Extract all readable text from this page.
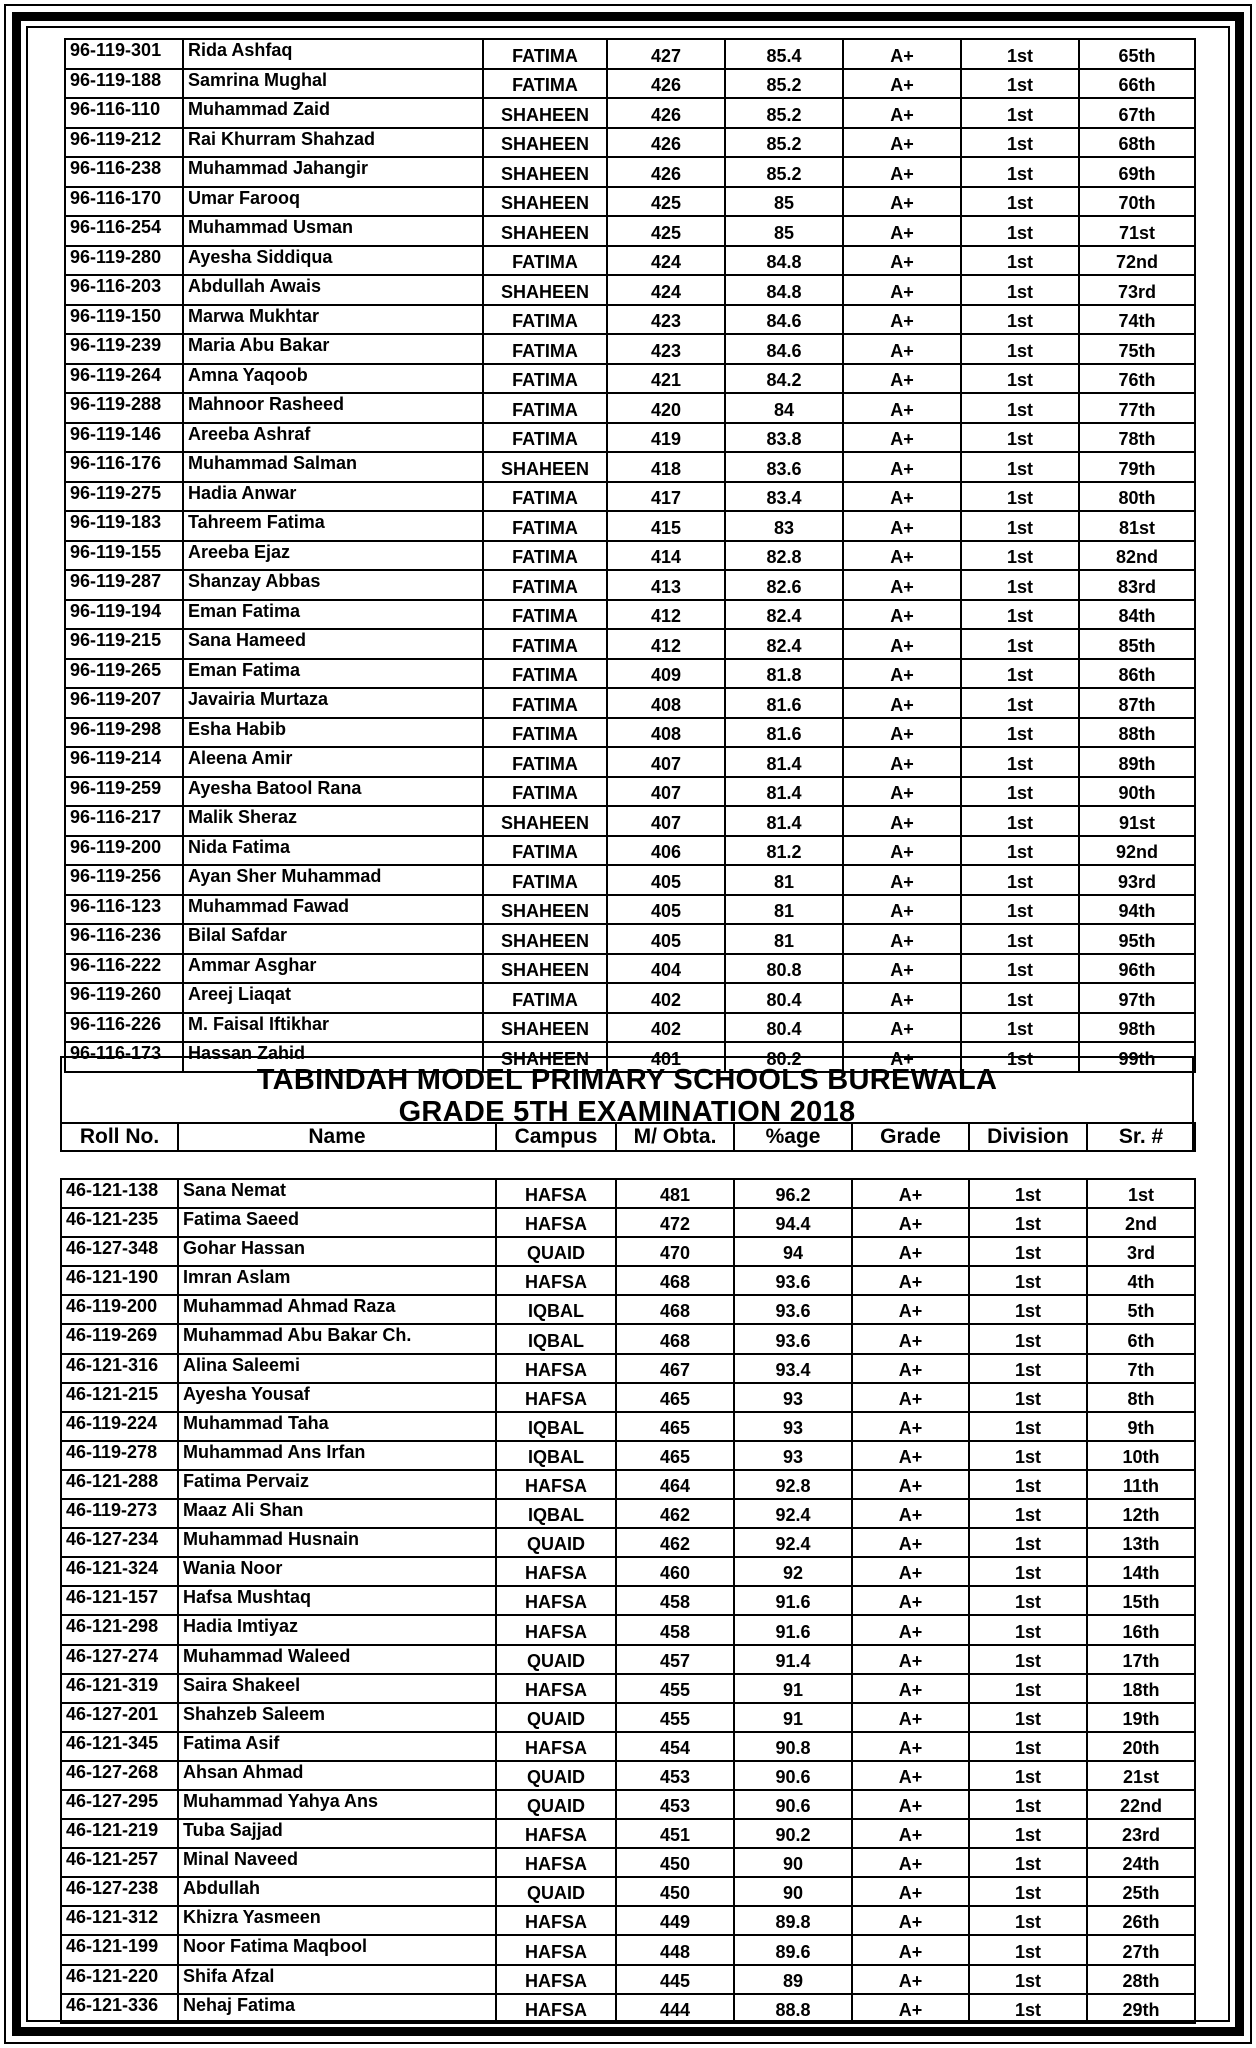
96-119-301	Rida Ashfaq	FATIMA	427	85.4	A+	1st	65th
96-119-188	Samrina Mughal	FATIMA	426	85.2	A+	1st	66th
96-116-110	Muhammad Zaid	SHAHEEN	426	85.2	A+	1st	67th
96-119-212	Rai Khurram Shahzad	SHAHEEN	426	85.2	A+	1st	68th
96-116-238	Muhammad Jahangir	SHAHEEN	426	85.2	A+	1st	69th
96-116-170	Umar Farooq	SHAHEEN	425	85	A+	1st	70th
96-116-254	Muhammad Usman	SHAHEEN	425	85	A+	1st	71st
96-119-280	Ayesha Siddiqua	FATIMA	424	84.8	A+	1st	72nd
96-116-203	Abdullah Awais	SHAHEEN	424	84.8	A+	1st	73rd
96-119-150	Marwa Mukhtar	FATIMA	423	84.6	A+	1st	74th
96-119-239	Maria Abu Bakar	FATIMA	423	84.6	A+	1st	75th
96-119-264	Amna Yaqoob	FATIMA	421	84.2	A+	1st	76th
96-119-288	Mahnoor Rasheed	FATIMA	420	84	A+	1st	77th
96-119-146	Areeba Ashraf	FATIMA	419	83.8	A+	1st	78th
96-116-176	Muhammad Salman	SHAHEEN	418	83.6	A+	1st	79th
96-119-275	Hadia Anwar	FATIMA	417	83.4	A+	1st	80th
96-119-183	Tahreem Fatima	FATIMA	415	83	A+	1st	81st
96-119-155	Areeba Ejaz	FATIMA	414	82.8	A+	1st	82nd
96-119-287	Shanzay Abbas	FATIMA	413	82.6	A+	1st	83rd
96-119-194	Eman Fatima	FATIMA	412	82.4	A+	1st	84th
96-119-215	Sana Hameed	FATIMA	412	82.4	A+	1st	85th
96-119-265	Eman Fatima	FATIMA	409	81.8	A+	1st	86th
96-119-207	Javairia Murtaza	FATIMA	408	81.6	A+	1st	87th
96-119-298	Esha Habib	FATIMA	408	81.6	A+	1st	88th
96-119-214	Aleena Amir	FATIMA	407	81.4	A+	1st	89th
96-119-259	Ayesha Batool Rana	FATIMA	407	81.4	A+	1st	90th
96-116-217	Malik Sheraz	SHAHEEN	407	81.4	A+	1st	91st
96-119-200	Nida Fatima	FATIMA	406	81.2	A+	1st	92nd
96-119-256	Ayan Sher Muhammad	FATIMA	405	81	A+	1st	93rd
96-116-123	Muhammad Fawad	SHAHEEN	405	81	A+	1st	94th
96-116-236	Bilal Safdar	SHAHEEN	405	81	A+	1st	95th
96-116-222	Ammar Asghar	SHAHEEN	404	80.8	A+	1st	96th
96-119-260	Areej Liaqat	FATIMA	402	80.4	A+	1st	97th
96-116-226	M. Faisal Iftikhar	SHAHEEN	402	80.4	A+	1st	98th
96-116-173	Hassan Zahid	SHAHEEN	401	80.2	A+	1st	99th
TABINDAH MODEL PRIMARY SCHOOLS BUREWALA
GRADE 5TH EXAMINATION 2018
Roll No.	Name	Campus	M/ Obta.	%age	Grade	Division	Sr. #
46-121-138	Sana Nemat	HAFSA	481	96.2	A+	1st	1st
46-121-235	Fatima Saeed	HAFSA	472	94.4	A+	1st	2nd
46-127-348	Gohar Hassan	QUAID	470	94	A+	1st	3rd
46-121-190	Imran Aslam	HAFSA	468	93.6	A+	1st	4th
46-119-200	Muhammad Ahmad Raza	IQBAL	468	93.6	A+	1st	5th
46-119-269	Muhammad Abu Bakar Ch.	IQBAL	468	93.6	A+	1st	6th
46-121-316	Alina Saleemi	HAFSA	467	93.4	A+	1st	7th
46-121-215	Ayesha Yousaf	HAFSA	465	93	A+	1st	8th
46-119-224	Muhammad Taha	IQBAL	465	93	A+	1st	9th
46-119-278	Muhammad Ans Irfan	IQBAL	465	93	A+	1st	10th
46-121-288	Fatima Pervaiz	HAFSA	464	92.8	A+	1st	11th
46-119-273	Maaz Ali Shan	IQBAL	462	92.4	A+	1st	12th
46-127-234	Muhammad Husnain	QUAID	462	92.4	A+	1st	13th
46-121-324	Wania Noor	HAFSA	460	92	A+	1st	14th
46-121-157	Hafsa Mushtaq	HAFSA	458	91.6	A+	1st	15th
46-121-298	Hadia Imtiyaz	HAFSA	458	91.6	A+	1st	16th
46-127-274	Muhammad Waleed	QUAID	457	91.4	A+	1st	17th
46-121-319	Saira Shakeel	HAFSA	455	91	A+	1st	18th
46-127-201	Shahzeb Saleem	QUAID	455	91	A+	1st	19th
46-121-345	Fatima Asif	HAFSA	454	90.8	A+	1st	20th
46-127-268	Ahsan Ahmad	QUAID	453	90.6	A+	1st	21st
46-127-295	Muhammad Yahya Ans	QUAID	453	90.6	A+	1st	22nd
46-121-219	Tuba Sajjad	HAFSA	451	90.2	A+	1st	23rd
46-121-257	Minal Naveed	HAFSA	450	90	A+	1st	24th
46-127-238	Abdullah	QUAID	450	90	A+	1st	25th
46-121-312	Khizra Yasmeen	HAFSA	449	89.8	A+	1st	26th
46-121-199	Noor Fatima Maqbool	HAFSA	448	89.6	A+	1st	27th
46-121-220	Shifa Afzal	HAFSA	445	89	A+	1st	28th
46-121-336	Nehaj Fatima	HAFSA	444	88.8	A+	1st	29th
